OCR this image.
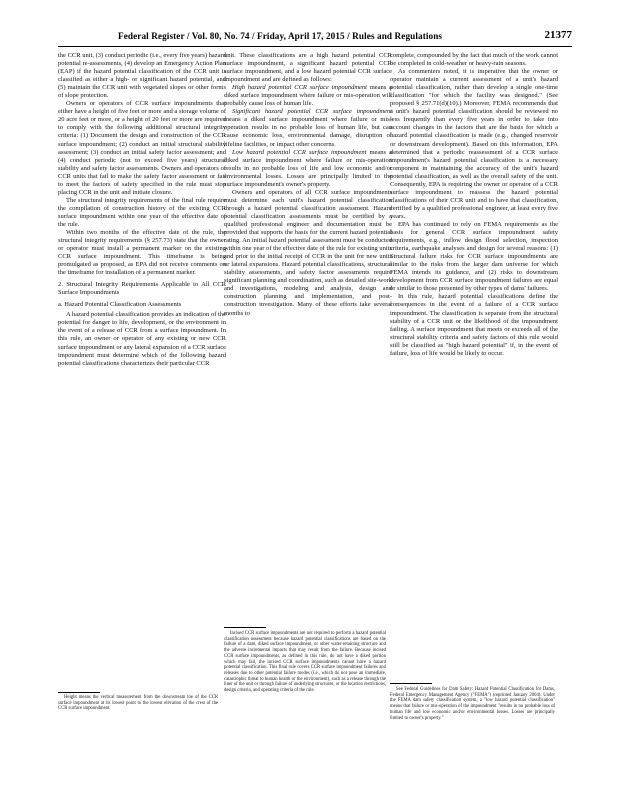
Federal Register / Vol. 80, No. 74 / Friday, April 17, 2015 / Rules and Regulations	21377

the CCR unit, (3) conduct periodic (i.e., every five years) hazard potential re-assessments, (4) develop an Emergency Action Plan (EAP) if the hazard potential classification of the CCR unit is classified as either a high- or significant hazard potential, and (5) maintain the CCR unit with vegetated slopes or other forms of slope protection.

Owners or operators of CCR surface impoundments that either have a height of five feet or more and a storage volume of 20 acre feet or more, or a height of 20 feet or more are required to comply with the following additional structural integrity criteria: (1) Document the design and construction of the CCR surface impoundment; (2) conduct an initial structural stability assessment; (3) conduct an initial safety factor assessment; and (4) conduct periodic (not to exceed five years) structural stability and safety factor assessments. Owners and operators of CCR units that fail to make the safety factor assessment or fail to meet the factors of safety specified in the rule must stop placing CCR in the unit and initiate closure.

The structural integrity requirements of the final rule require the compilation of construction history of the existing CCR surface impoundment within one year of the effective date of the rule.

Within two months of the effective date of the rule, the structural integrity requirements (§ 257.73) state that the owner or operator must install a permanent marker on the existing CCR surface impoundment. This timeframe is being promulgated as proposed, as EPA did not receive comments on the timeframe for installation of a permanent marker.

2. Structural Integrity Requirements Applicable to All CCR Surface Impoundments
a. Hazard Potential Classification Assessments

A hazard potential classification provides an indication of the potential for danger to life, development, or the environment in the event of a release of CCR from a surface impoundment. In this rule, an owner or operator of any existing or new CCR surface impoundment or any lateral expansion of a CCR surface impoundment must determine which of the following hazard potential classifications characterizes their particular CCR

unit. These classifications are a high hazard potential CCR surface impoundment, a significant hazard potential CCR surface impoundment, and a low hazard potential CCR surface impoundment and are defined as follows:

High hazard potential CCR surface impoundment means a diked surface impoundment where failure or mis-operation will probably cause loss of human life.

Significant hazard potential CCR surface impoundment means a diked surface impoundment where failure or mis-operation results in no probable loss of human life, but can cause economic loss, environmental damage, disruption of lifeline facilities, or impact other concerns.

Low hazard potential CCR surface impoundment means a diked surface impoundment where failure or mis-operation results in no probable loss of life and low economic and/or environmental losses. Losses are principally limited to the surface impoundment's owner's property.

Owners and operators of all CCR surface impoundments must determine each unit's hazard potential classification through a hazard potential classification assessment. Hazard potential classification assessments must be certified by a qualified professional engineer and documentation must be provided that supports the basis for the current hazard potential rating. An initial hazard potential assessment must be conducted within one year of the effective date of the rule for existing units and prior to the initial receipt of CCR in the unit for new units or lateral expansions. Hazard potential classifications, structural stability assessments, and safety factor assessments require significant planning and coordination, such as detailed site-work and investigations, modeling and analysis, design and construction planning and implementation, and post-construction investigation. Many of these efforts take several months to

complete, compounded by the fact that much of the work cannot be completed in cold-weather or heavy-rain seasons.

As commenters noted, it is imperative that the owner or operator maintain a current assessment of a unit's hazard potential classification, rather than develop a single one-time classification "for which the facility was designed." (See proposed § 257.71(d)(10).) Moreover, FEMA recommends that a unit's hazard potential classification should be reviewed no less frequently than every five years in order to take into account changes in the factors that are the basis for which a hazard potential classification is made (e.g., changed reservoir or downstream development). Based on this information, EPA determined that a periodic reassessment of a CCR surface impoundment's hazard potential classification is a necessary component in maintaining the accuracy of the unit's hazard potential classification, as well as the overall safety of the unit. Consequently, EPA is requiring the owner or operator of a CCR surface impoundment to reassess the hazard potential classifications of their CCR unit and to have that classification, certified by a qualified professional engineer, at least every five years.

EPA has continued to rely on FEMA requirements as the basis for general CCR surface impoundment safety requirements, e.g., inflow design flood selection, inspection criteria, earthquake analyses and design for several reasons: (1) Structural failure risks for CCR surface impoundments are similar to the risks from the larger dam universe for which FEMA intends its guidance, and (2) risks to downstream development from CCR surface impoundment failures are equal or similar to those presented by other types of dams' failures.

In this rule, hazard potential classifications define the consequences in the event of a failure of a CCR surface impoundment. The classification is separate from the structural stability of a CCR unit or the likelihood of the impoundment failing. A surface impoundment that meets or exceeds all of the structural stability criteria and safety factors of this rule would still be classified as "high hazard potential" if, in the event of failure, loss of life would be likely to occur.

Height means the vertical measurement from the downstream toe of the CCR surface impoundment at its lowest point to the lowest elevation of the crest of the CCR surface impoundment.

Incised CCR surface impoundments are not required to perform a hazard potential classification assessment because hazard potential classifications are based on the failure of a dam, diked surface impoundment, or other water-retaining structure and the adverse incremental impacts that may result from the failure. Because incised CCR surface impoundments, as defined in this rule, do not have a diked portion which may fail, the incised CCR surface impoundments cannot have a hazard potential classification. This final rule covers CCR surface impoundment failures and releases due to other potential failure modes (i.e., which do not pose an immediate, catastrophic threat to human health or the environment), such as a release through the liner of the unit or through failure of underlying structures, or the location restrictions, design criteria, and operating criteria of the rule.	See Federal Guidelines for Dam Safety: Hazard Potential Classification for Dams, Federal Emergency Management Agency ("FEMA") (reprinted January 2004). Under the FEMA dam safety classification system, a "low hazard potential classification" means that failure or mis-operation of the impoundment "results in no probable loss of human life and low economic and/or environmental losses. Losses are principally limited to owner's property."
